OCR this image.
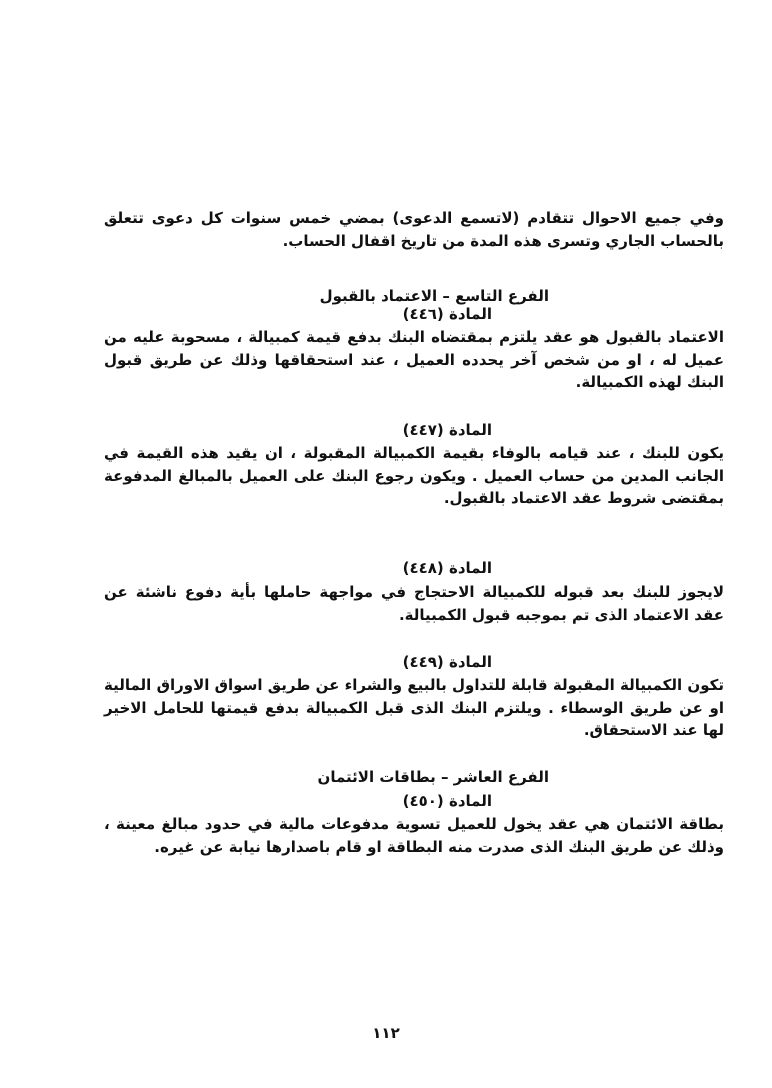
وفي جميع الاحوال تتقادم (لاتسمع الدعوى) بمضي خمس سنوات كل دعوى تتعلق بالحساب الجاري وتسرى هذه المدة من تاريخ اقفال الحساب.

الفرع التاسع – الاعتماد بالقبول
المادة (٤٤٦)

الاعتماد بالقبول هو عقد يلتزم بمقتضاه البنك بدفع قيمة كمبيالة ، مسحوبة عليه من عميل له ، او من شخص آخر يحدده العميل ، عند استحقاقها وذلك عن طريق قبول البنك لهذه الكمبيالة.

المادة (٤٤٧)

يكون للبنك ، عند قيامه بالوفاء بقيمة الكمبيالة المقبولة ، ان يقيد هذه القيمة في الجانب المدين من حساب العميل . ويكون رجوع البنك على العميل بالمبالغ المدفوعة بمقتضى شروط عقد الاعتماد بالقبول.

المادة (٤٤٨)

لايجوز للبنك بعد قبوله للكمبيالة الاحتجاج في مواجهة حاملها بأية دفوع ناشئة عن عقد الاعتماد الذى تم بموجبه قبول الكمبيالة.

المادة (٤٤٩)

تكون الكمبيالة المقبولة قابلة للتداول بالبيع والشراء عن طريق اسواق الاوراق المالية او عن طريق الوسطاء . ويلتزم البنك الذى قبل الكمبيالة بدفع قيمتها للحامل الاخير لها عند الاستحقاق.

الفرع العاشر – بطاقات الائتمان
المادة (٤٥٠)

بطاقة الائتمان هي عقد يخول للعميل تسوية مدفوعات مالية في حدود مبالغ معينة ، وذلك عن طريق البنك الذى صدرت منه البطاقة او قام باصدارها نيابة عن غيره.

١١٢
